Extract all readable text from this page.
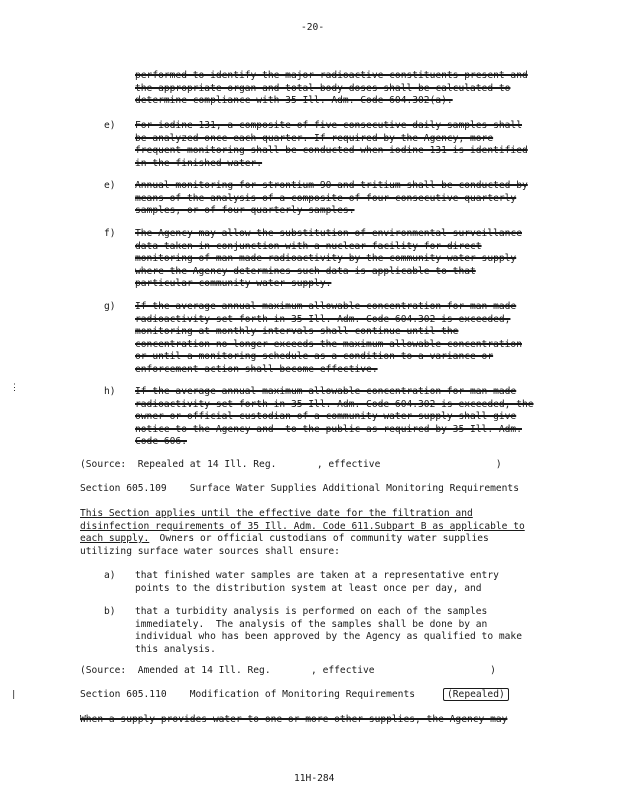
-20-
performed to identify the major radioactive constituents present and
the appropriate organ and total body doses shall be calculated to
determine compliance with 35 Ill. Adm. Code 604.302(a).
e) For iodine-131, a composite of five consecutive daily samples shall
be analyzed once each quarter. If required by the Agency, more
frequent monitoring shall be conducted when iodine-131 is identified
in the finished water.
e) Annual monitoring for strontium-90 and tritium shall be conducted by
means of the analysis of a composite of four consecutive quarterly
samples, or of four quarterly samples.
f) The Agency may allow the substitution of environmental surveillance
data taken in conjunction with a nuclear facility for direct
monitoring of man-made radioactivity by the community water supply
where the Agency determines such data is applicable to that
particular community water supply.
g) If the average annual maximum allowable concentration for man-made
radioactivity set forth in 35 Ill. Adm. Code 604.302 is exceeded,
monitoring at monthly intervals shall continue until the
concentration no longer exceeds the maximum allowable concentration
or until a monitoring schedule as a condition to a variance or
enforcement action shall become effective.
⋮	h) If the average annual maximum allowable concentration for man-made
radioactivity set forth in 35 Ill. Adm. Code 604.302 is exceeded, the
owner or official custodian of a community water supply shall give
notice to the Agency and  to the public as required by 35 Ill. Adm.
Code 606.
(Source:  Repealed at 14 Ill. Reg.       , effective                    )
Section 605.109    Surface Water Supplies Additional Monitoring Requirements
This Section applies until the effective date for the filtration and
disinfection requirements of 35 Ill. Adm. Code 611.Subpart B as applicable to
each supply.
Owners or official custodians of community water supplies
utilizing surface water sources shall ensure:
a) that finished water samples are taken at a representative entry
points to the distribution system at least once per day, and
b) that a turbidity analysis is performed on each of the samples
immediately.  The analysis of the samples shall be done by an
individual who has been approved by the Agency as qualified to make
this analysis.
(Source:  Amended at 14 Ill. Reg.       , effective                    )
|	Section 605.110    Modification of Monitoring Requirements	(Repealed)
When a supply provides water to one or more other supplies, the Agency may
11H-284
